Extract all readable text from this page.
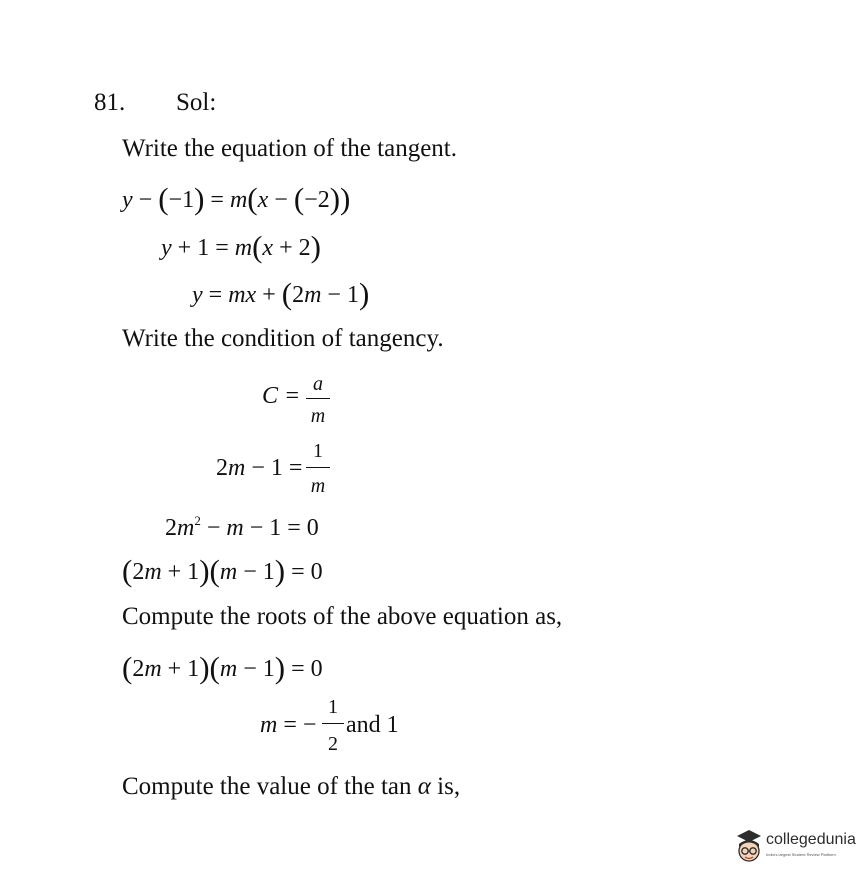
81. Sol:
Write the equation of the tangent.
y − (−1) = m(x − (−2))
y + 1 = m(x + 2)
y = mx + (2m − 1)
Write the condition of tangency.
C = a
m
2m − 1 =
1
m
$2m^2 - m - 1 = 0$
(2m + 1)(m − 1) = 0
Compute the roots of the above equation as,
(2m + 1)(m − 1) = 0
m = −
1
2
and 1
Compute the value of the tan α is,
collegedunia
India's largest Student Review Platform
